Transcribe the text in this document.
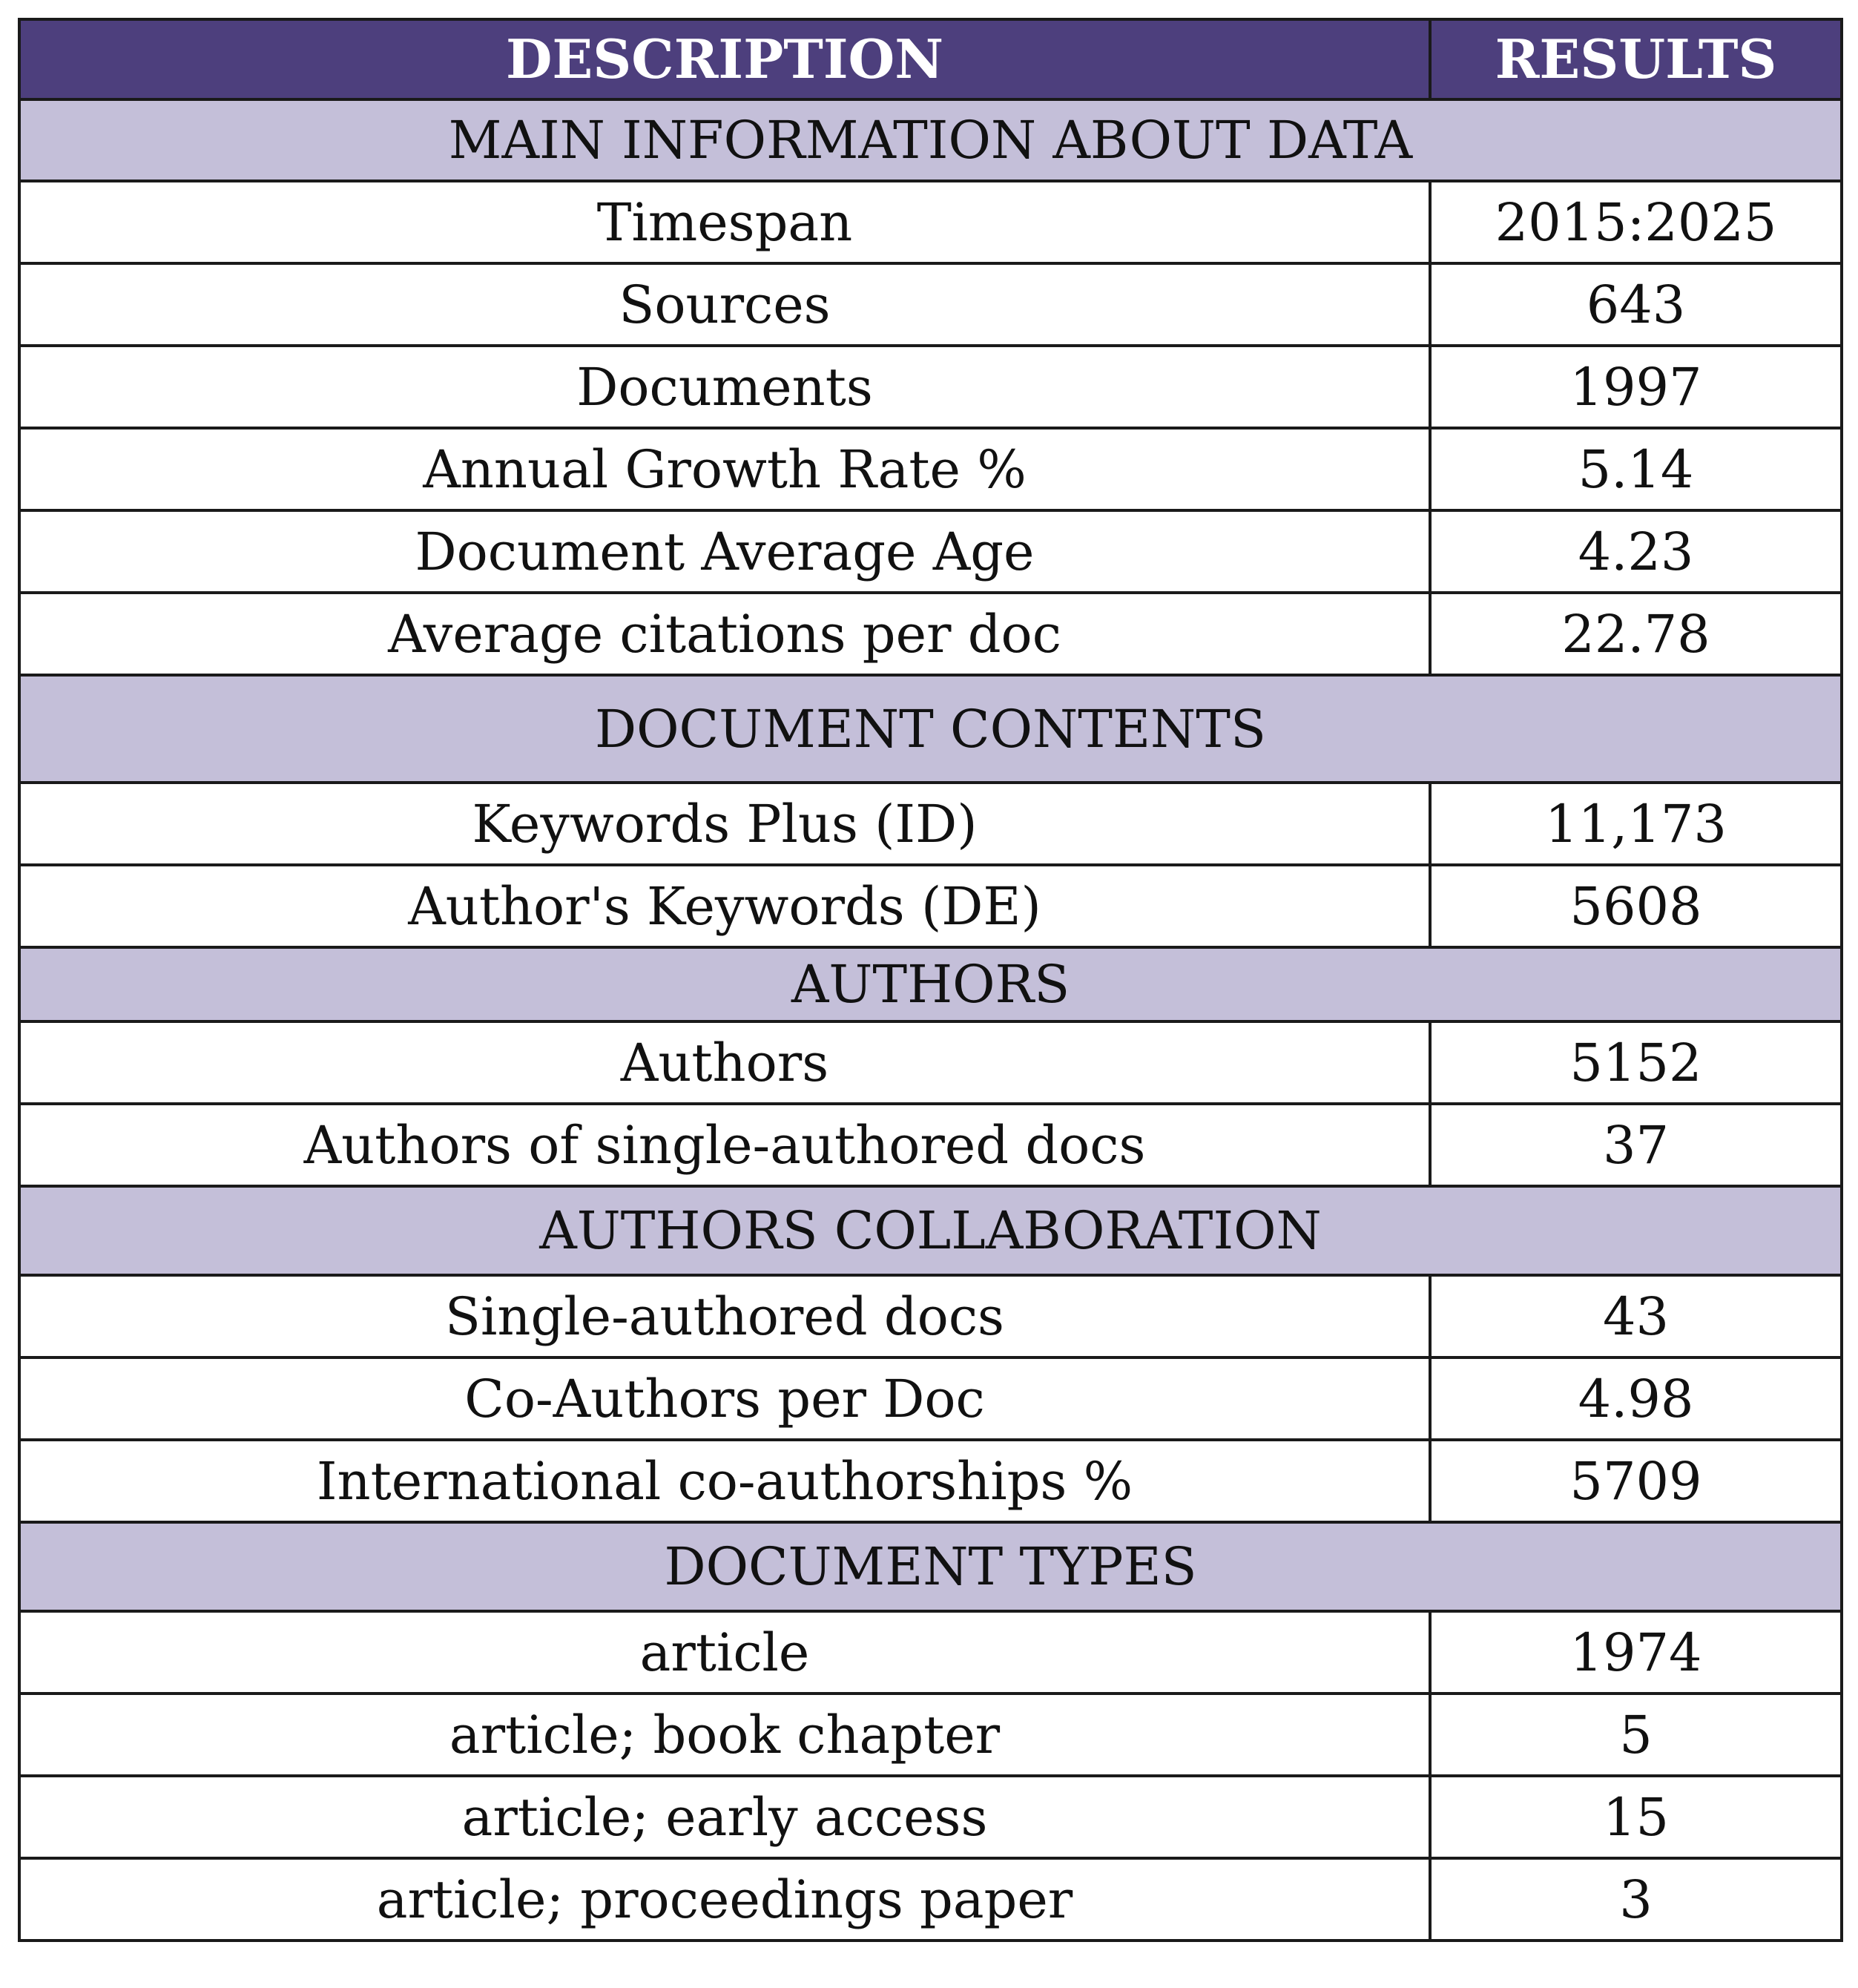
DESCRIPTION	RESULTS
MAIN INFORMATION ABOUT DATA	
Timespan	2015:2025
Sources	643
Documents	1997
Annual Growth Rate %	5.14
Document Average Age	4.23
Average citations per doc	22.78
DOCUMENT CONTENTS	
Keywords Plus (ID)	11,173
Author's Keywords (DE)	5608
AUTHORS	
Authors	5152
Authors of single-authored docs	37
AUTHORS COLLABORATION	
Single-authored docs	43
Co-Authors per Doc	4.98
International co-authorships %	5709
DOCUMENT TYPES	
article	1974
article; book chapter	5
article; early access	15
article; proceedings paper	3
